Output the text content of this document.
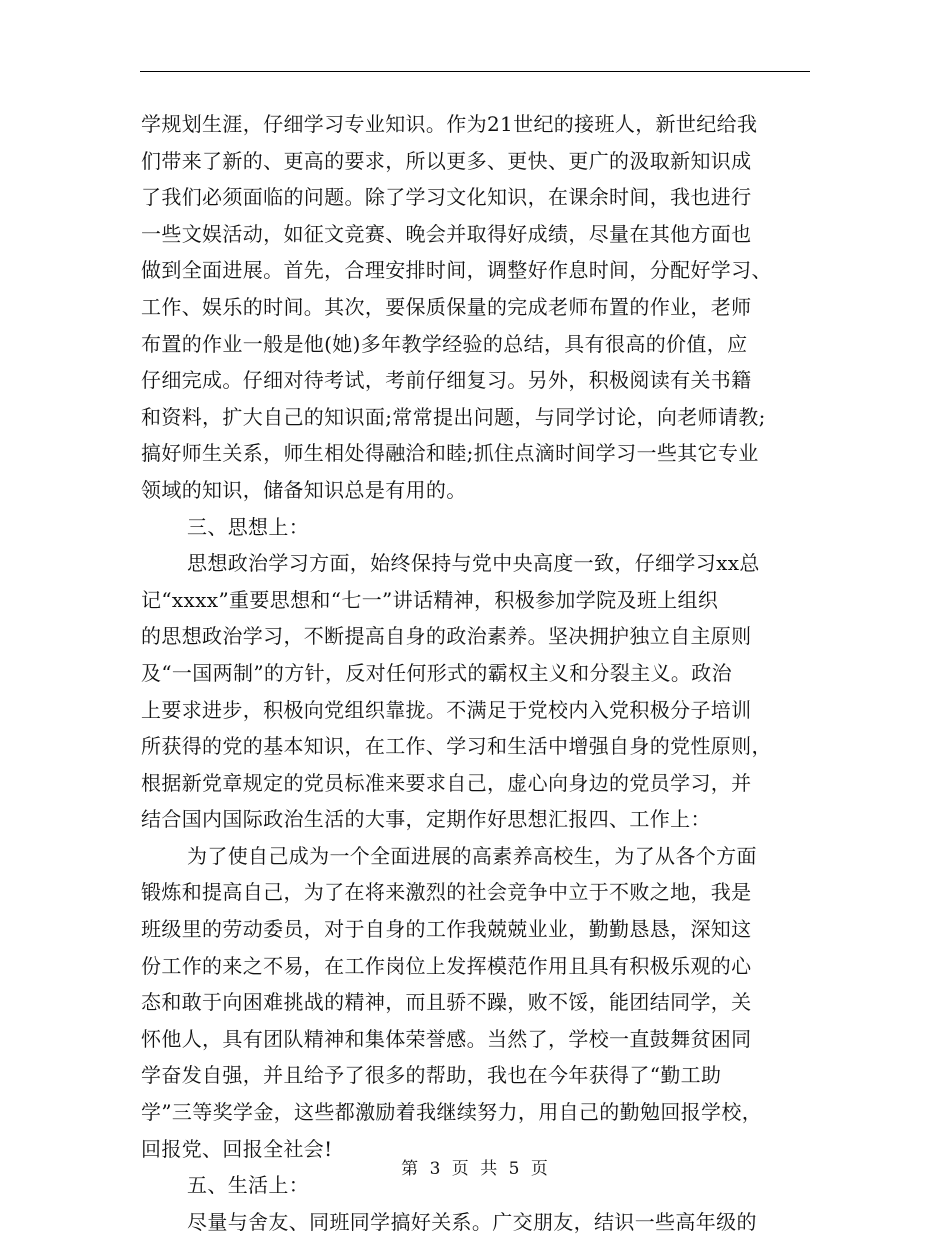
学规划生涯，仔细学习专业知识。作为21世纪的接班人，新世纪给我
们带来了新的、更高的要求，所以更多、更快、更广的汲取新知识成
了我们必须面临的问题。除了学习文化知识，在课余时间，我也进行
一些文娱活动，如征文竞赛、晚会并取得好成绩，尽量在其他方面也
做到全面进展。首先，合理安排时间，调整好作息时间，分配好学习、
工作、娱乐的时间。其次，要保质保量的完成老师布置的作业，老师
布置的作业一般是他(她)多年教学经验的总结，具有很高的价值，应
仔细完成。仔细对待考试，考前仔细复习。另外，积极阅读有关书籍
和资料，扩大自己的知识面;常常提出问题，与同学讨论，向老师请教;
搞好师生关系，师生相处得融洽和睦;抓住点滴时间学习一些其它专业
领域的知识，储备知识总是有用的。
三、思想上：
思想政治学习方面，始终保持与党中央高度一致，仔细学习xx总
记“xxxx”重要思想和“七一”讲话精神，积极参加学院及班上组织
的思想政治学习，不断提高自身的政治素养。坚决拥护独立自主原则
及“一国两制”的方针，反对任何形式的霸权主义和分裂主义。政治
上要求进步，积极向党组织靠拢。不满足于党校内入党积极分子培训
所获得的党的基本知识，在工作、学习和生活中增强自身的党性原则，
根据新党章规定的党员标准来要求自己，虚心向身边的党员学习，并
结合国内国际政治生活的大事，定期作好思想汇报四、工作上：
为了使自己成为一个全面进展的高素养高校生，为了从各个方面
锻炼和提高自己，为了在将来激烈的社会竞争中立于不败之地，我是
班级里的劳动委员，对于自身的工作我兢兢业业，勤勤恳恳，深知这
份工作的来之不易，在工作岗位上发挥模范作用且具有积极乐观的心
态和敢于向困难挑战的精神，而且骄不躁，败不馁，能团结同学，关
怀他人，具有团队精神和集体荣誉感。当然了，学校一直鼓舞贫困同
学奋发自强，并且给予了很多的帮助，我也在今年获得了“勤工助
学”三等奖学金，这些都激励着我继续努力，用自己的勤勉回报学校，
回报党、回报全社会!
五、生活上：
尽量与舍友、同班同学搞好关系。广交朋友，结识一些高年级的
第 3 页 共 5 页
